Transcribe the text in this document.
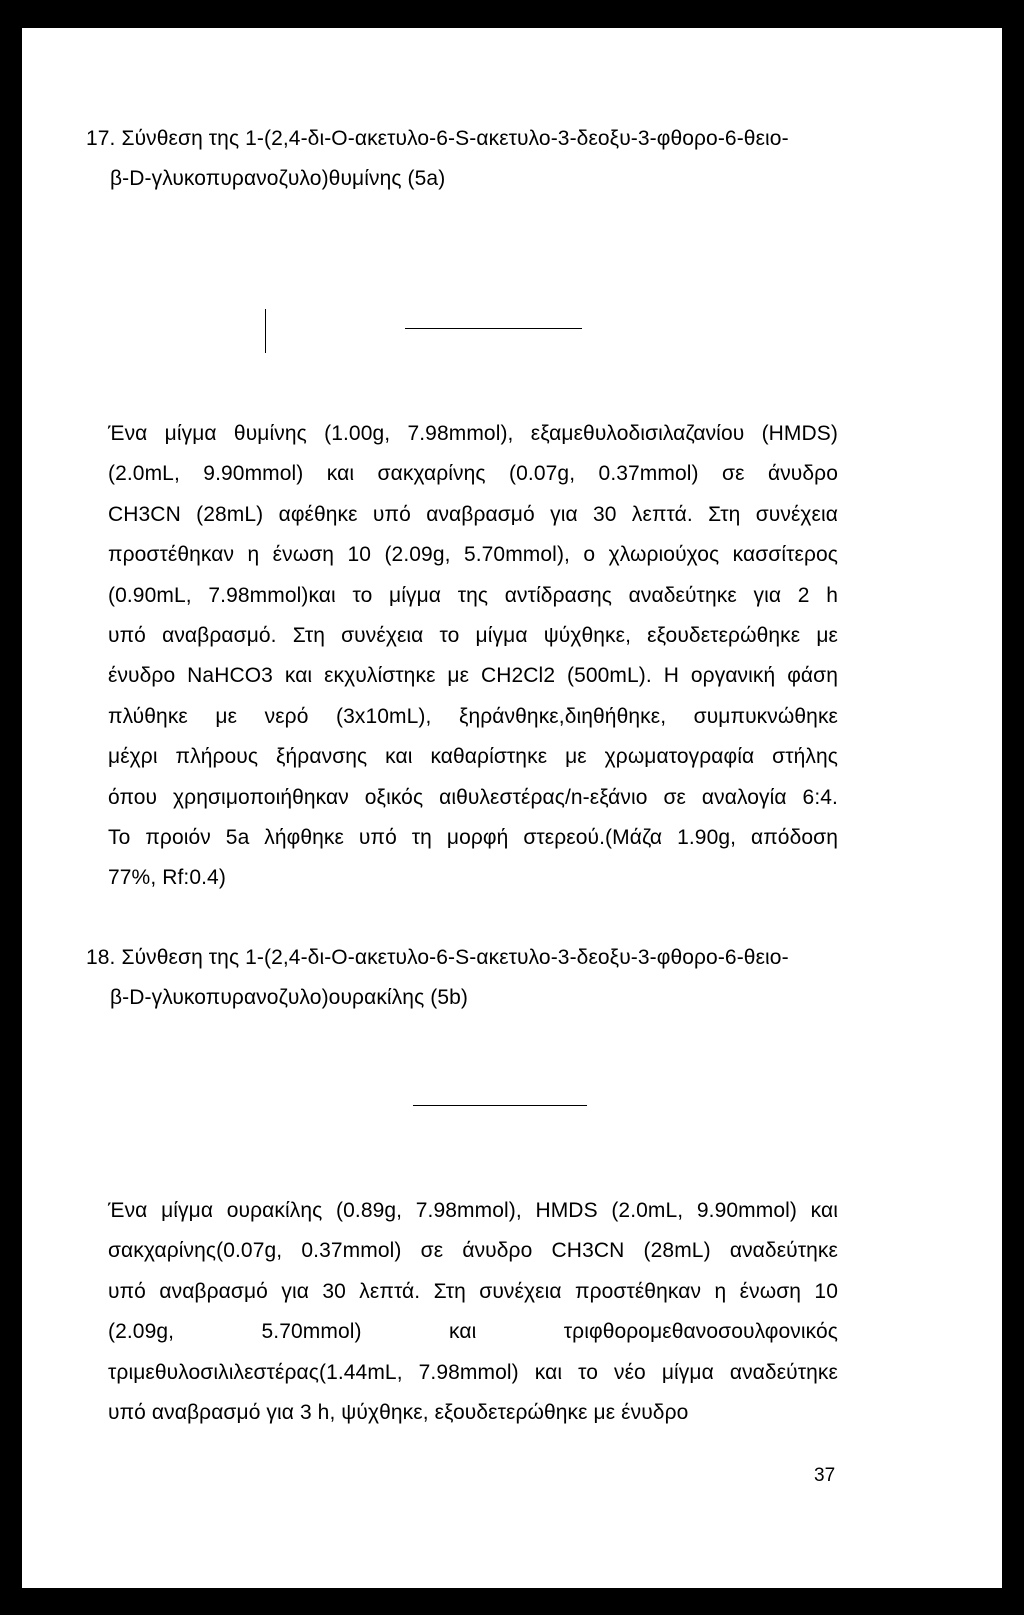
17. Σύνθεση της 1-(2,4-δι-O-ακετυλο-6-S-ακετυλο-3-δεοξυ-3-φθορο-6-θειο-
β-D-γλυκοπυρανοζυλο)θυμίνης (5a)
Ένα μίγμα θυμίνης (1.00g, 7.98mmol), εξαμεθυλοδισιλαζανίου (HMDS)
(2.0mL, 9.90mmol) και σακχαρίνης (0.07g, 0.37mmol) σε άνυδρο
CH3CN (28mL) αφέθηκε υπό αναβρασμό για 30 λεπτά. Στη συνέχεια
προστέθηκαν η ένωση 10 (2.09g, 5.70mmol), ο χλωριούχος κασσίτερος
(0.90mL, 7.98mmol)και το μίγμα της αντίδρασης αναδεύτηκε για 2 h
υπό αναβρασμό. Στη συνέχεια το μίγμα ψύχθηκε, εξουδετερώθηκε με
ένυδρο NaHCO3 και εκχυλίστηκε με CH2Cl2 (500mL). Η οργανική φάση
πλύθηκε με νερό (3x10mL), ξηράνθηκε,διηθήθηκε, συμπυκνώθηκε
μέχρι πλήρους ξήρανσης και καθαρίστηκε με χρωματογραφία στήλης
όπου χρησιμοποιήθηκαν οξικός αιθυλεστέρας/n-εξάνιο σε αναλογία 6:4.
Το προιόν 5a λήφθηκε υπό τη μορφή στερεού.(Μάζα 1.90g, απόδοση
77%, Rf:0.4)
18. Σύνθεση της 1-(2,4-δι-O-ακετυλο-6-S-ακετυλο-3-δεοξυ-3-φθορο-6-θειο-
β-D-γλυκοπυρανοζυλο)ουρακίλης (5b)
Ένα μίγμα ουρακίλης (0.89g, 7.98mmol), HMDS (2.0mL, 9.90mmol) και
σακχαρίνης(0.07g, 0.37mmol) σε άνυδρο CH3CN (28mL) αναδεύτηκε
υπό αναβρασμό για 30 λεπτά. Στη συνέχεια προστέθηκαν η ένωση 10
(2.09g, 5.70mmol) και τριφθορομεθανοσουλφονικός
τριμεθυλοσιλιλεστέρας(1.44mL, 7.98mmol) και το νέο μίγμα αναδεύτηκε
υπό αναβρασμό για 3 h, ψύχθηκε, εξουδετερώθηκε με ένυδρο

37
